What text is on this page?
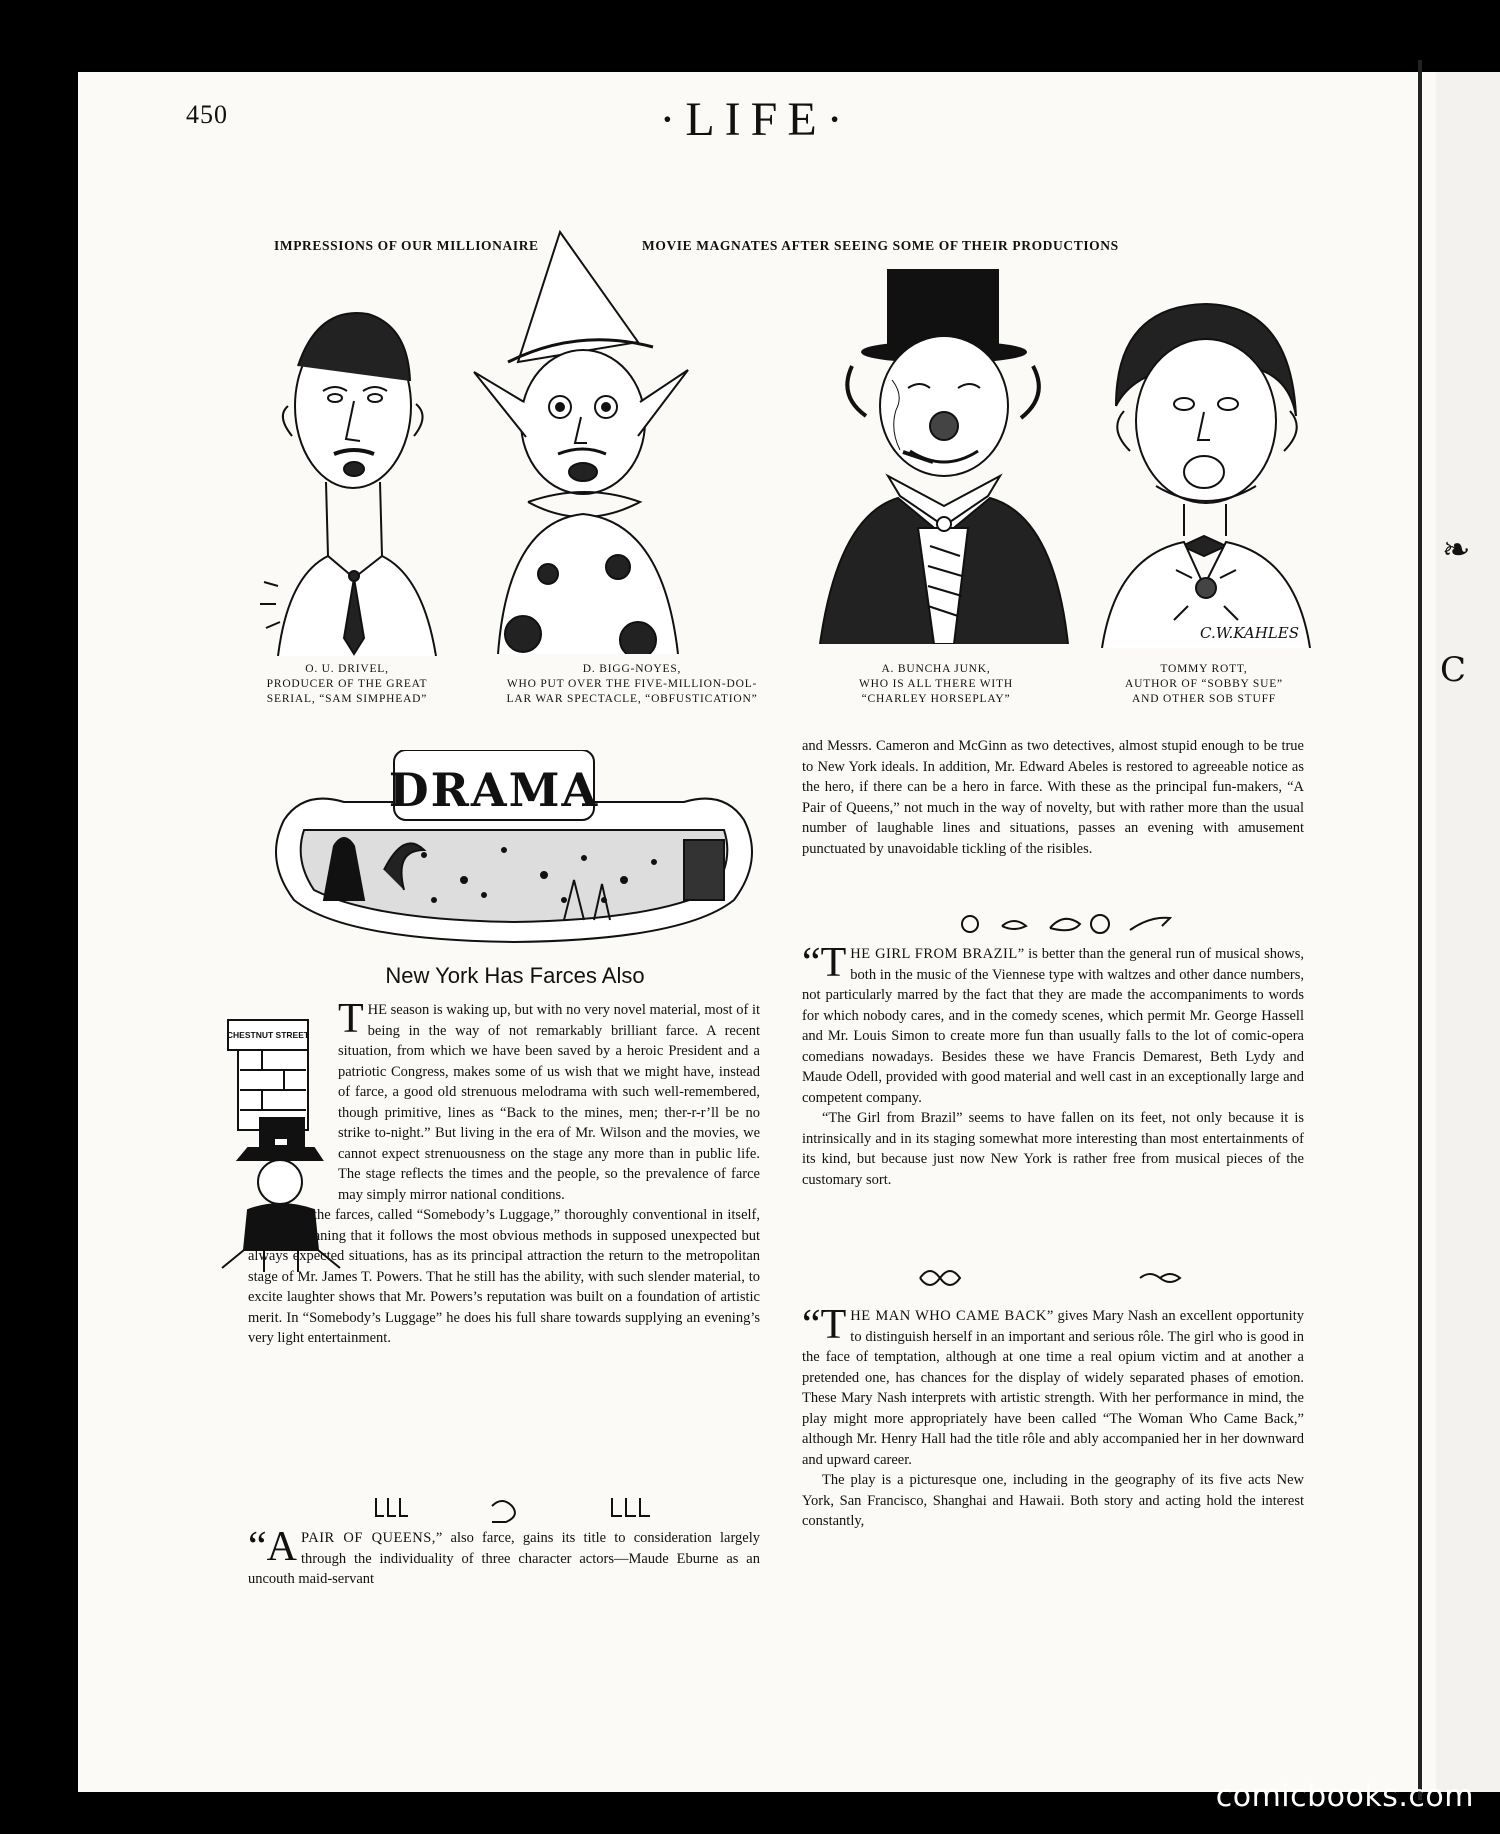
❧
C
450	·LIFE·
IMPRESSIONS OF OUR MILLIONAIRE	MOVIE MAGNATES AFTER SEEING SOME OF THEIR PRODUCTIONS
O. U. DRIVEL,
PRODUCER OF THE GREAT
SERIAL, “SAM SIMPHEAD”
D. BIGG-NOYES,
WHO PUT OVER THE FIVE-MILLION-DOL-
LAR WAR SPECTACLE, “OBFUSTICATION”
A. BUNCHA JUNK,
WHO IS ALL THERE WITH
“CHARLEY HORSEPLAY”
TOMMY ROTT,
AUTHOR OF “SOBBY SUE”
AND OTHER SOB STUFF
C.W.KAHLES
DRAMA
New York Has Farces Also
CHESTNUT STREET THE season is waking up, but with no very novel material, most of it being in the way of not remarkably brilliant farce. A recent situation, from which we have been saved by a heroic President and a patriotic Congress, makes some of us wish that we might have, instead of farce, a good old strenuous melodrama with such well-remembered, though primitive, lines as “Back to the mines, men; ther-r-r’ll be no strike to-night.” But living in the era of Mr. Wilson and the movies, we cannot expect strenuousness on the stage any more than in public life. The stage reflects the times and the people, so the prevalence of farce may simply mirror national conditions.

One of the farces, called “Somebody’s Luggage,” thoroughly conventional in itself, thereby meaning that it follows the most obvious methods in supposed unexpected but always expected situations, has as its principal attraction the return to the metropolitan stage of Mr. James T. Powers. That he still has the ability, with such slender material, to excite laughter shows that Mr. Powers’s reputation was built on a foundation of artistic merit. In “Somebody’s Luggage” he does his full share towards supplying an evening’s very light entertainment.

“A PAIR OF QUEENS,” also farce, gains its title to consideration largely through the individuality of three character actors—Maude Eburne as an uncouth maid-servant

and Messrs. Cameron and McGinn as two detectives, almost stupid enough to be true to New York ideals. In addition, Mr. Edward Abeles is restored to agreeable notice as the hero, if there can be a hero in farce. With these as the principal fun-makers, “A Pair of Queens,” not much in the way of novelty, but with rather more than the usual number of laughable lines and situations, passes an evening with amusement punctuated by unavoidable tickling of the risibles.

“THE GIRL FROM BRAZIL” is better than the general run of musical shows, both in the music of the Viennese type with waltzes and other dance numbers, not particularly marred by the fact that they are made the accompaniments to words for which nobody cares, and in the comedy scenes, which permit Mr. George Hassell and Mr. Louis Simon to create more fun than usually falls to the lot of comic-opera comedians nowadays. Besides these we have Francis Demarest, Beth Lydy and Maude Odell, provided with good material and well cast in an exceptionally large and competent company.

“The Girl from Brazil” seems to have fallen on its feet, not only because it is intrinsically and in its staging somewhat more interesting than most entertainments of its kind, but because just now New York is rather free from musical pieces of the customary sort.

“THE MAN WHO CAME BACK” gives Mary Nash an excellent opportunity to distinguish herself in an important and serious rôle. The girl who is good in the face of temptation, although at one time a real opium victim and at another a pretended one, has chances for the display of widely separated phases of emotion. These Mary Nash interprets with artistic strength. With her performance in mind, the play might more appropriately have been called “The Woman Who Came Back,” although Mr. Henry Hall had the title rôle and ably accompanied her in her downward and upward career.

The play is a picturesque one, including in the geography of its five acts New York, San Francisco, Shanghai and Hawaii. Both story and acting hold the interest constantly,

comicbooks.com
